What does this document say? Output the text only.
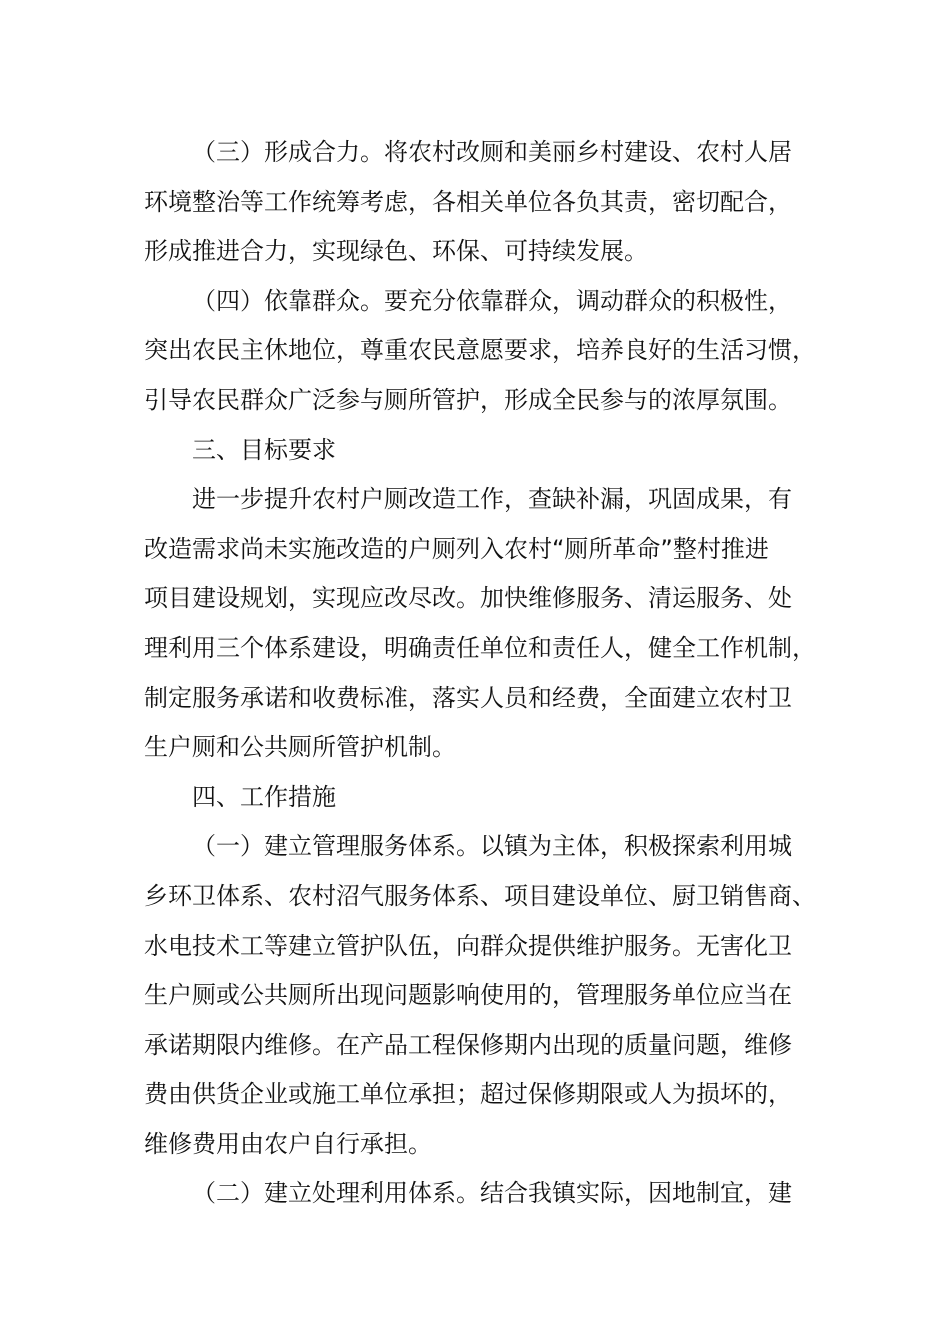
（三）形成合力。将农村改厕和美丽乡村建设、农村人居
环境整治等工作统筹考虑，各相关单位各负其责，密切配合，
形成推进合力，实现绿色、环保、可持续发展。
（四）依靠群众。要充分依靠群众，调动群众的积极性，
突出农民主休地位，尊重农民意愿要求，培养良好的生活习惯，
引导农民群众广泛参与厕所管护，形成全民参与的浓厚氛围。
三、目标要求
进一步提升农村户厕改造工作，查缺补漏，巩固成果，有
改造需求尚未实施改造的户厕列入农村“厕所革命”整村推进
项目建设规划，实现应改尽改。加快维修服务、清运服务、处
理利用三个体系建设，明确责任单位和责任人，健全工作机制，
制定服务承诺和收费标准，落实人员和经费，全面建立农村卫
生户厕和公共厕所管护机制。
四、工作措施
（一）建立管理服务体系。以镇为主体，积极探索利用城
乡环卫体系、农村沼气服务体系、项目建设单位、厨卫销售商、
水电技术工等建立管护队伍，向群众提供维护服务。无害化卫
生户厕或公共厕所出现问题影响使用的，管理服务单位应当在
承诺期限内维修。在产品工程保修期内出现的质量问题，维修
费由供货企业或施工单位承担；超过保修期限或人为损坏的，
维修费用由农户自行承担。
（二）建立处理利用体系。结合我镇实际，因地制宜，建
